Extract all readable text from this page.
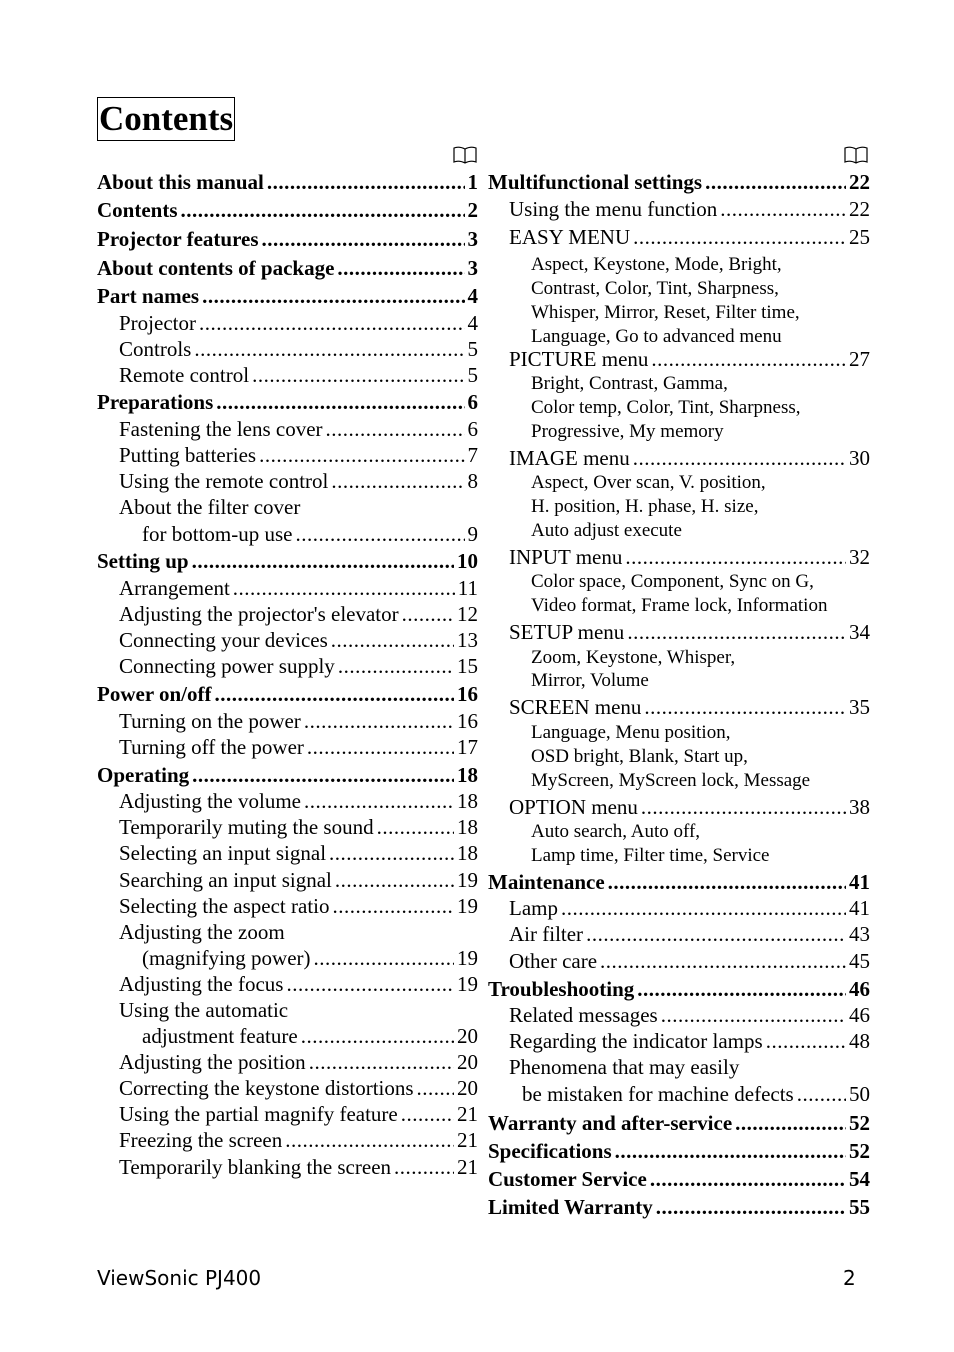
Contents
About this manual .....	1
Contents .....	2
Projector features .....	3
About contents of package .....	3
Part names .....	4
Projector .....	4
Controls .....	5
Remote control .....	5
Preparations .....	6
Fastening the lens cover .....	6
Putting batteries .....	7
Using the remote control .....	8
About the filter cover
for bottom-up use .....	9
Setting up .....	10
Arrangement .....	11
Adjusting the projector's elevator .....	12
Connecting your devices .....	13
Connecting power supply .....	15
Power on/off .....	16
Turning on the power .....	16
Turning off the power .....	17
Operating .....	18
Adjusting the volume .....	18
Temporarily muting the sound .....	18
Selecting an input signal .....	18
Searching an input signal .....	19
Selecting the aspect ratio .....	19
Adjusting the zoom
(magnifying power) .....	19
Adjusting the focus .....	19
Using the automatic
adjustment feature .....	20
Adjusting the position .....	20
Correcting the keystone distortions ..... 20
Using the partial magnify feature .....	21
Freezing the screen .....	21
Temporarily blanking the screen .....	21
Multifunctional settings .....	22
Using the menu function .....	22
EASY MENU .....	25
Aspect, Keystone, Mode, Bright,
Contrast, Color, Tint, Sharpness,
Whisper, Mirror, Reset, Filter time,
Language, Go to advanced menu
PICTURE menu .....	27
Bright, Contrast, Gamma,
Color temp, Color, Tint, Sharpness,
Progressive, My memory
IMAGE menu .....	30
Aspect, Over scan, V. position,
H. position, H. phase, H. size,
Auto adjust execute
INPUT menu .....	32
Color space, Component, Sync on G,
Video format, Frame lock, Information
SETUP menu .....	34
Zoom, Keystone, Whisper,
Mirror, Volume
SCREEN menu .....	35
Language, Menu position,
OSD bright, Blank, Start up,
MyScreen, MyScreen lock, Message
OPTION menu .....	38
Auto search, Auto off,
Lamp time, Filter time, Service
Maintenance .....	41
Lamp .....	41
Air filter .....	43
Other care .....	45
Troubleshooting .....	46
Related messages .....	46
Regarding the indicator lamps .....	48
Phenomena that may easily
be mistaken for machine defects .....	50
Warranty and after-service .....	52
Specifications .....	52
Customer Service .....	54
Limited Warranty .....	55
ViewSonic PJ400	2
